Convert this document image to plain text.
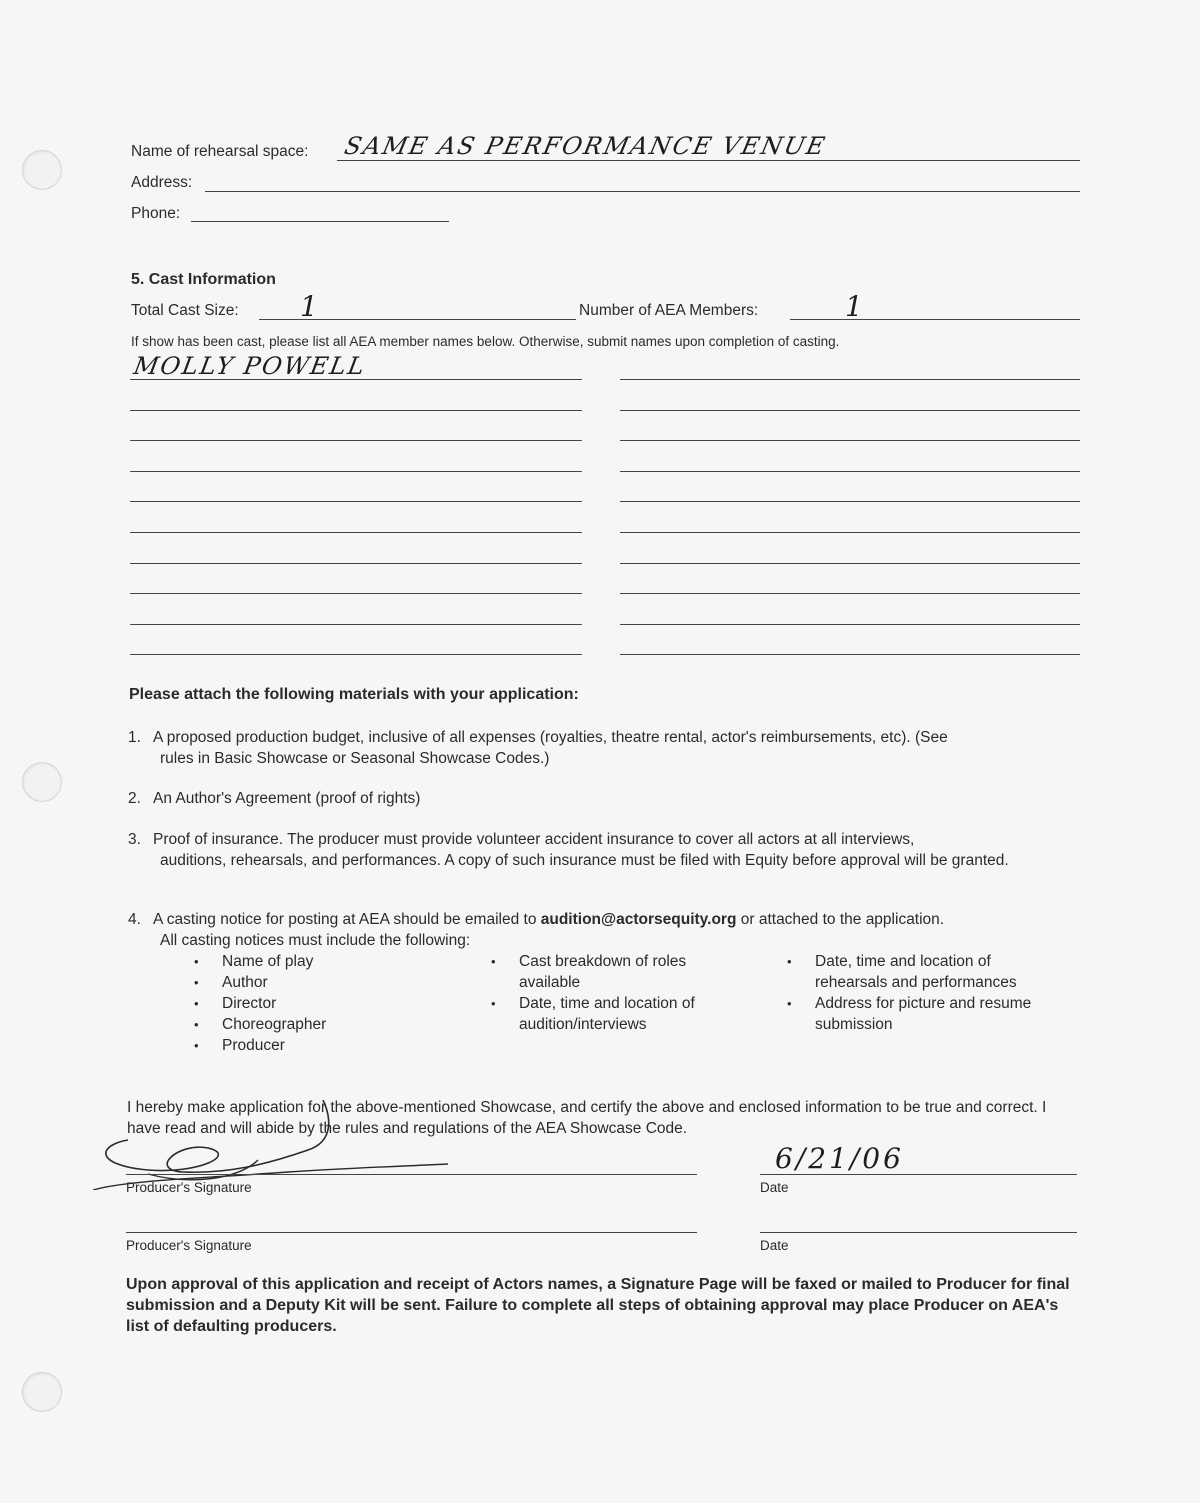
Name of rehearsal space: SAME AS PERFORMANCE VENUE
Address:
Phone:
5. Cast Information
Total Cast Size: 1	Number of AEA Members:	1
If show has been cast, please list all AEA member names below. Otherwise, submit names upon completion of casting.
MOLLY POWELL
Please attach the following materials with your application:
1. A proposed production budget, inclusive of all expenses (royalties, theatre rental, actor's reimbursements, etc). (See
rules in Basic Showcase or Seasonal Showcase Codes.)
2. An Author's Agreement (proof of rights)
3. Proof of insurance. The producer must provide volunteer accident insurance to cover all actors at all interviews,
auditions, rehearsals, and performances. A copy of such insurance must be filed with Equity before approval will be granted.
4. A casting notice for posting at AEA should be emailed to audition@actorsequity.org or attached to the application.
All casting notices must include the following:
• Name of play
• Author
• Director
• Choreographer
• Producer
• Cast breakdown of roles available
• Date, time and location of audition/interviews
• Date, time and location of rehearsals and performances
• Address for picture and resume submission
I hereby make application for the above-mentioned Showcase, and certify the above and enclosed information to be true and correct. I have read and will abide by the rules and regulations of the AEA Showcase Code.
Producer's Signature
6/21/06
Date
Producer's Signature	Date
Upon approval of this application and receipt of Actors names, a Signature Page will be faxed or mailed to Producer for final submission and a Deputy Kit will be sent. Failure to complete all steps of obtaining approval may place Producer on AEA's list of defaulting producers.
